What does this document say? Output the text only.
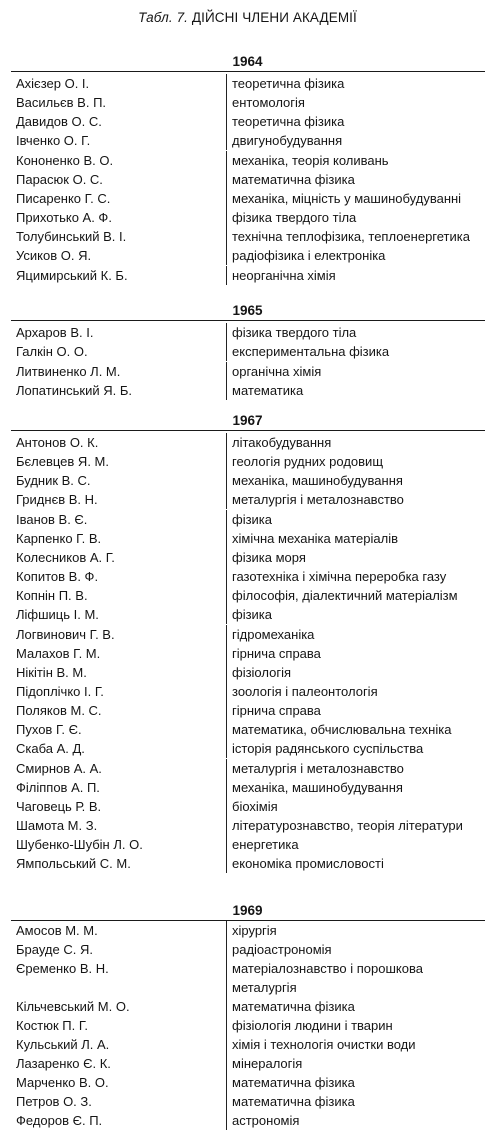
Табл. 7. ДІЙСНІ ЧЛЕНИ АКАДЕМІЇ
1964
Ахієзер О. І.	теоретична фізика
Васильєв В. П.	ентомологія
Давидов О. С.	теоретична фізика
Івченко О. Г.	двигунобудування
Кононенко В. О.	механіка, теорія коливань
Парасюк О. С.	математична фізика
Писаренко Г. С.	механіка, міцність у машинобудуванні
Прихотько А. Ф.	фізика твердого тіла
Толубинський В. І.	технічна теплофізика, теплоенергетика
Усиков О. Я.	радіофізика і електроніка
Яцимирський К. Б.	неорганічна хімія
1965
Архаров В. І.	фізика твердого тіла
Галкін О. О.	експериментальна фізика
Литвиненко Л. М.	органічна хімія
Лопатинський Я. Б.	математика
1967
Антонов О. К.	літакобудування
Бєлевцев Я. М.	геологія рудних родовищ
Будник В. С.	механіка, машинобудування
Гриднєв В. Н.	металургія і металознавство
Іванов В. Є.	фізика
Карпенко Г. В.	хімічна механіка матеріалів
Колесников А. Г.	фізика моря
Копитов В. Ф.	газотехніка і хімічна переробка газу
Копнін П. В.	філософія, діалектичний матеріалізм
Ліфшиць І. М.	фізика
Логвинович Г. В.	гідромеханіка
Малахов Г. М.	гірнича справа
Нікітін В. М.	фізіологія
Підоплічко І. Г.	зоологія і палеонтологія
Поляков М. С.	гірнича справа
Пухов Г. Є.	математика, обчислювальна техніка
Скаба А. Д.	історія радянського суспільства
Смирнов А. А.	металургія і металознавство
Філіппов А. П.	механіка, машинобудування
Чаговець Р. В.	біохімія
Шамота М. З.	літературознавство, теорія літератури
Шубенко-Шубін Л. О.	енергетика
Ямпольський С. М.	економіка промисловості
1969
Амосов М. М.	хірургія
Брауде С. Я.	радіоастрономія
Єременко В. Н.	матеріалознавство і порошкова металургія
Кільчевський М. О.	математична фізика
Костюк П. Г.	фізіологія людини і тварин
Кульський Л. А.	хімія і технологія очистки води
Лазаренко Є. К.	мінералогія
Марченко В. О.	математична фізика
Петров О. З.	математична фізика
Федоров Є. П.	астрономія
